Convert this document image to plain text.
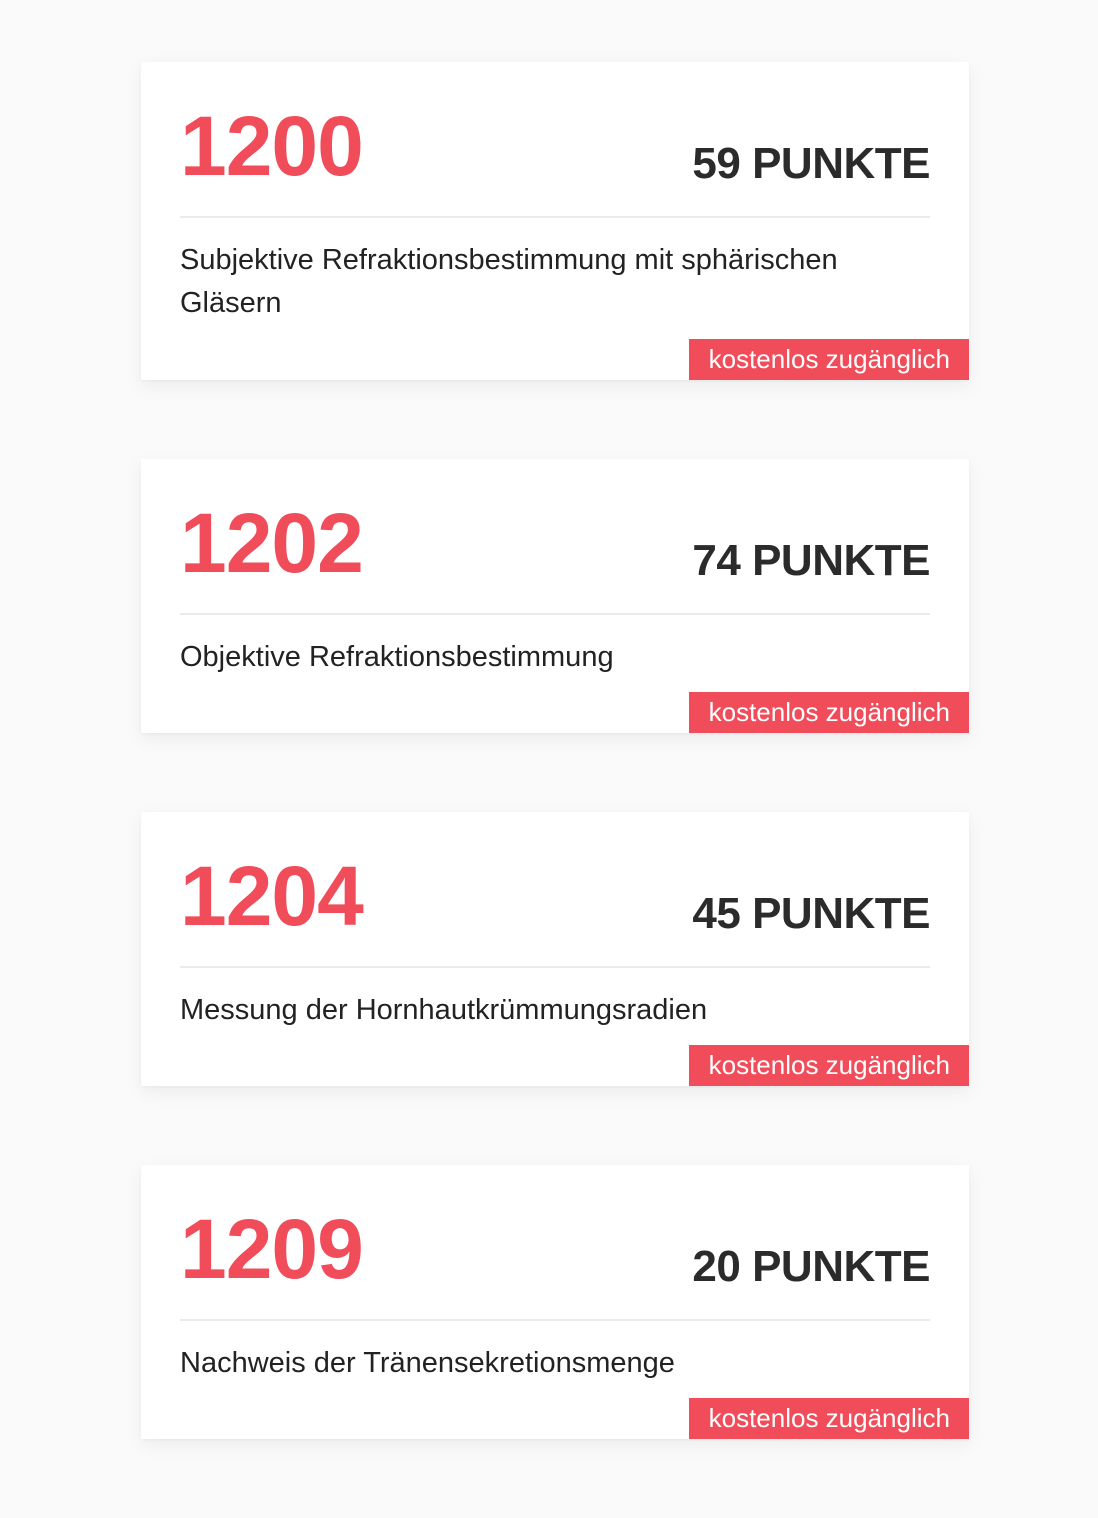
1200	59 PUNKTE
Subjektive Refraktionsbestimmung mit sphärischen Gläsern
kostenlos zugänglich
1202	74 PUNKTE
Objektive Refraktionsbestimmung
kostenlos zugänglich
1204	45 PUNKTE
Messung der Hornhautkrümmungsradien
kostenlos zugänglich
1209	20 PUNKTE
Nachweis der Tränensekretionsmenge
kostenlos zugänglich
